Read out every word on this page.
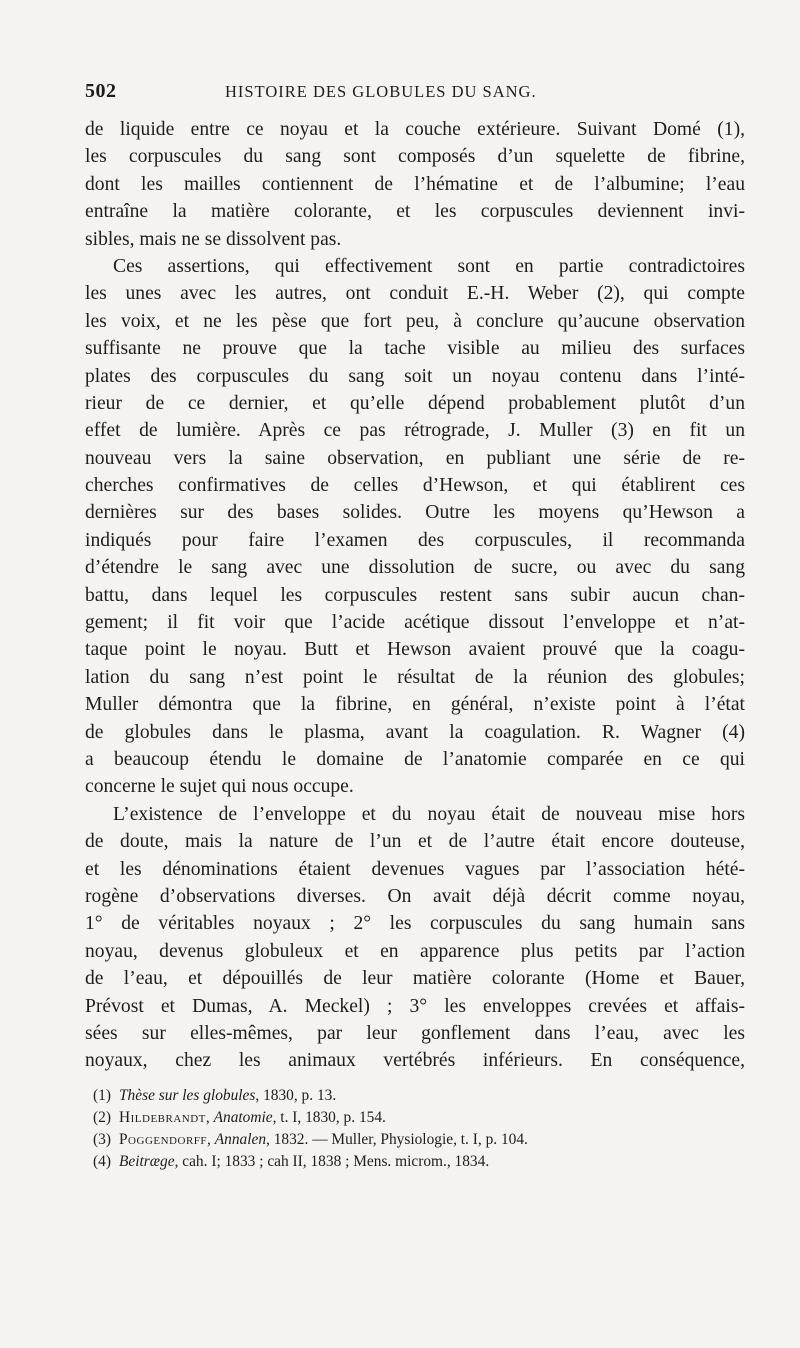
502	HISTOIRE DES GLOBULES DU SANG.
de liquide entre ce noyau et la couche extérieure. Suivant Domé (1),
les corpuscules du sang sont composés d’un squelette de fibrine,
dont les mailles contiennent de l’hématine et de l’albumine; l’eau
entraîne la matière colorante, et les corpuscules deviennent invi-
sibles, mais ne se dissolvent pas.
Ces assertions, qui effectivement sont en partie contradictoires
les unes avec les autres, ont conduit E.-H. Weber (2), qui compte
les voix, et ne les pèse que fort peu, à conclure qu’aucune observation
suffisante ne prouve que la tache visible au milieu des surfaces
plates des corpuscules du sang soit un noyau contenu dans l’inté-
rieur de ce dernier, et qu’elle dépend probablement plutôt d’un
effet de lumière. Après ce pas rétrograde, J. Muller (3) en fit un
nouveau vers la saine observation, en publiant une série de re-
cherches confirmatives de celles d’Hewson, et qui établirent ces
dernières sur des bases solides. Outre les moyens qu’Hewson a
indiqués pour faire l’examen des corpuscules, il recommanda
d’étendre le sang avec une dissolution de sucre, ou avec du sang
battu, dans lequel les corpuscules restent sans subir aucun chan-
gement; il fit voir que l’acide acétique dissout l’enveloppe et n’at-
taque point le noyau. Butt et Hewson avaient prouvé que la coagu-
lation du sang n’est point le résultat de la réunion des globules;
Muller démontra que la fibrine, en général, n’existe point à l’état
de globules dans le plasma, avant la coagulation. R. Wagner (4)
a beaucoup étendu le domaine de l’anatomie comparée en ce qui
concerne le sujet qui nous occupe.
L’existence de l’enveloppe et du noyau était de nouveau mise hors
de doute, mais la nature de l’un et de l’autre était encore douteuse,
et les dénominations étaient devenues vagues par l’association hété-
rogène d’observations diverses. On avait déjà décrit comme noyau,
1° de véritables noyaux ; 2° les corpuscules du sang humain sans
noyau, devenus globuleux et en apparence plus petits par l’action
de l’eau, et dépouillés de leur matière colorante (Home et Bauer,
Prévost et Dumas, A. Meckel) ; 3° les enveloppes crevées et affais-
sées sur elles-mêmes, par leur gonflement dans l’eau, avec les
noyaux, chez les animaux vertébrés inférieurs. En conséquence,
(1) Thèse sur les globules, 1830, p. 13.
(2) Hildebrandt, Anatomie, t. I, 1830, p. 154.
(3) Poggendorff, Annalen, 1832. — Muller, Physiologie, t. I, p. 104.
(4) Beitræge, cah. I; 1833 ; cah II, 1838 ; Mens. microm., 1834.
